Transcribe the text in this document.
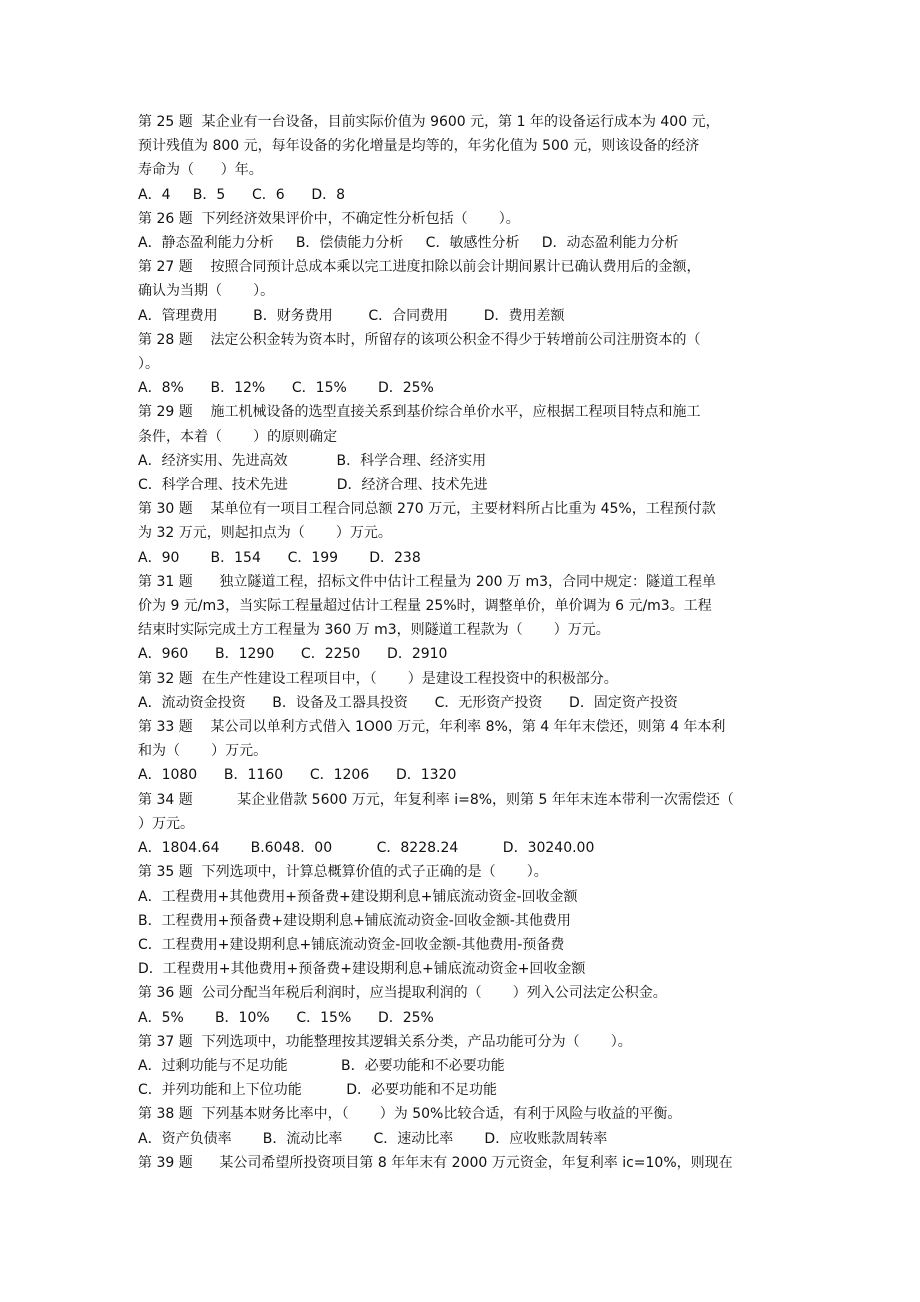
第 25 题  某企业有一台设备，目前实际价值为 9600 元，第 1 年的设备运行成本为 400 元，

预计残值为 800 元，每年设备的劣化增量是均等的，年劣化值为 500 元，则该设备的经济

寿命为（      ）年。

A．4     B．5      C．6      D．8

第 26 题  下列经济效果评价中，不确定性分析包括（       ）。

A．静态盈利能力分析     B．偿债能力分析     C．敏感性分析     D．动态盈利能力分析

第 27 题    按照合同预计总成本乘以完工进度扣除以前会计期间累计已确认费用后的金额，

确认为当期（       ）。

A．管理费用        B．财务费用        C．合同费用        D．费用差额

第 28 题    法定公积金转为资本时，所留存的该项公积金不得少于转增前公司注册资本的（

）。

A．8%      B．12%      C．15%       D．25%

第 29 题    施工机械设备的选型直接关系到基价综合单价水平，应根据工程项目特点和施工

条件，本着（       ）的原则确定

A．经济实用、先进高效           B．科学合理、经济实用

C．科学合理、技术先进           D．经济合理、技术先进

第 30 题    某单位有一项目工程合同总额 270 万元，主要材料所占比重为 45%，工程预付款

为 32 万元，则起扣点为（       ）万元。

A．90       B．154      C．199       D．238

第 31 题      独立隧道工程，招标文件中估计工程量为 200 万 m3，合同中规定：隧道工程单

价为 9 元/m3，当实际工程量超过估计工程量 25%时，调整单价，单价调为 6 元/m3。工程

结束时实际完成土方工程量为 360 万 m3，则隧道工程款为（       ）万元。

A．960      B．1290      C．2250      D．2910

第 32 题  在生产性建设工程项目中，（       ）是建设工程投资中的积极部分。

A．流动资金投资      B．设备及工器具投资      C．无形资产投资      D．固定资产投资

第 33 题    某公司以单利方式借入 1O00 万元，年利率 8%，第 4 年年末偿还，则第 4 年本利

和为（       ）万元。

A．1080      B．1160      C．1206      D．1320

第 34 题          某企业借款 5600 万元，年复利率 i=8%，则第 5 年年末连本带利一次需偿还（

）万元。

A．1804.64       B.6048．00          C．8228.24          D．30240.00

第 35 题  下列选项中，计算总概算价值的式子正确的是（       ）。

A．工程费用+其他费用+预备费+建设期利息+铺底流动资金-回收金额

B．工程费用+预备费+建设期利息+铺底流动资金-回收金额-其他费用

C．工程费用+建设期利息+铺底流动资金-回收金额-其他费用-预备费

D．工程费用+其他费用+预备费+建设期利息+铺底流动资金+回收金额

第 36 题  公司分配当年税后利润时，应当提取利润的（       ）列入公司法定公积金。

A．5%       B．10%      C．15%      D．25%

第 37 题  下列选项中，功能整理按其逻辑关系分类，产品功能可分为（       ）。

A．过剩功能与不足功能            B．必要功能和不必要功能

C．并列功能和上下位功能          D．必要功能和不足功能

第 38 题  下列基本财务比率中，（       ）为 50%比较合适，有利于风险与收益的平衡。

A．资产负债率       B．流动比率       C．速动比率       D．应收账款周转率

第 39 题      某公司希望所投资项目第 8 年年末有 2000 万元资金，年复利率 ic=10%，则现在
